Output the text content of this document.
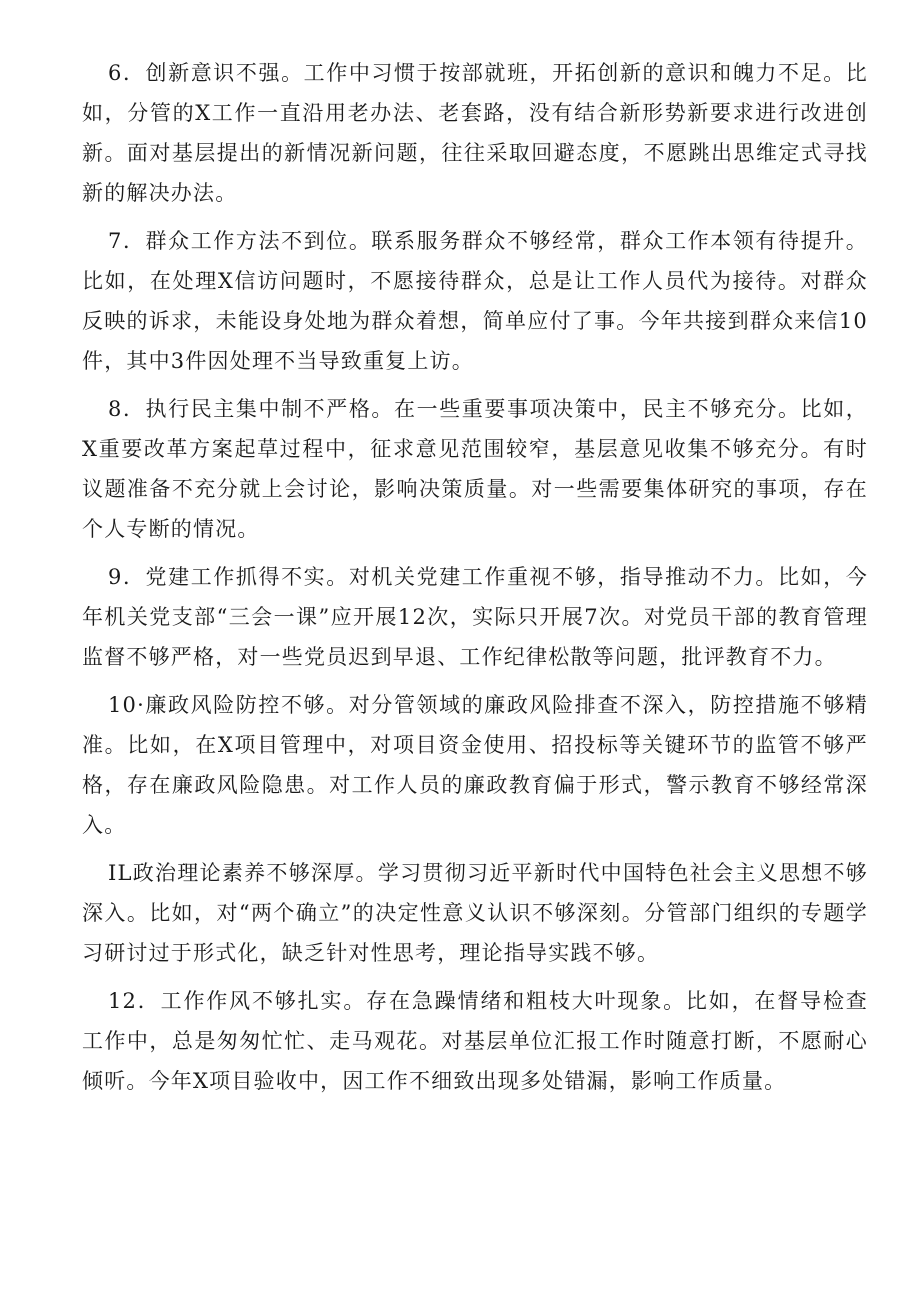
6．创新意识不强。工作中习惯于按部就班，开拓创新的意识和魄力不足。比如，分管的X工作一直沿用老办法、老套路，没有结合新形势新要求进行改进创新。面对基层提出的新情况新问题，往往采取回避态度，不愿跳出思维定式寻找新的解决办法。

7．群众工作方法不到位。联系服务群众不够经常，群众工作本领有待提升。比如，在处理X信访问题时，不愿接待群众，总是让工作人员代为接待。对群众反映的诉求，未能设身处地为群众着想，简单应付了事。今年共接到群众来信10件，其中3件因处理不当导致重复上访。

8．执行民主集中制不严格。在一些重要事项决策中，民主不够充分。比如，X重要改革方案起草过程中，征求意见范围较窄，基层意见收集不够充分。有时议题准备不充分就上会讨论，影响决策质量。对一些需要集体研究的事项，存在个人专断的情况。

9．党建工作抓得不实。对机关党建工作重视不够，指导推动不力。比如，今年机关党支部“三会一课”应开展12次，实际只开展7次。对党员干部的教育管理监督不够严格，对一些党员迟到早退、工作纪律松散等问题，批评教育不力。

10·廉政风险防控不够。对分管领域的廉政风险排查不深入，防控措施不够精准。比如，在X项目管理中，对项目资金使用、招投标等关键环节的监管不够严格，存在廉政风险隐患。对工作人员的廉政教育偏于形式，警示教育不够经常深入。

IL政治理论素养不够深厚。学习贯彻习近平新时代中国特色社会主义思想不够深入。比如，对“两个确立”的决定性意义认识不够深刻。分管部门组织的专题学习研讨过于形式化，缺乏针对性思考，理论指导实践不够。

12．工作作风不够扎实。存在急躁情绪和粗枝大叶现象。比如，在督导检查工作中，总是匆匆忙忙、走马观花。对基层单位汇报工作时随意打断，不愿耐心倾听。今年X项目验收中，因工作不细致出现多处错漏，影响工作质量。
